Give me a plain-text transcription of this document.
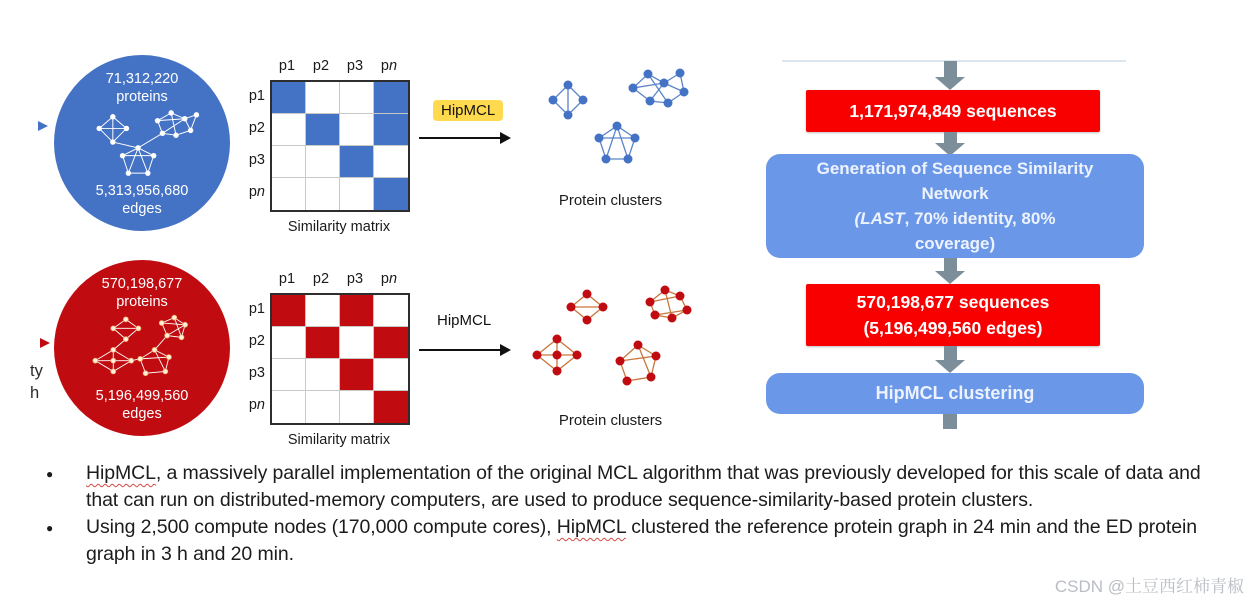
71,312,220
proteins
5,313,956,680
edges
p1	p2	p3	pn
p1
p2
p3
p n
Similarity matrix
HipMCL
Protein clusters
ty
h
570,198,677
proteins
5,196,499,560
edges
p1	p2	p3	pn
p1
p2
p3
p n
Similarity matrix
HipMCL
Protein clusters
1,171,974,849 sequences
Generation of Sequence Similarity
Network
(LAST, 70% identity, 80%
coverage)
570,198,677 sequences
(5,196,499,560 edges)
HipMCL clustering
●	HipMCL, a massively parallel implementation of the original MCL algorithm that was previously developed for this scale of data and that can run on distributed-memory computers, are used to produce sequence-similarity-based protein clusters.

●	Using 2,500 compute nodes (170,000 compute cores), HipMCL clustered the reference protein graph in 24 min and the ED protein graph in 3 h and 20 min.

CSDN @土豆西红柿青椒
